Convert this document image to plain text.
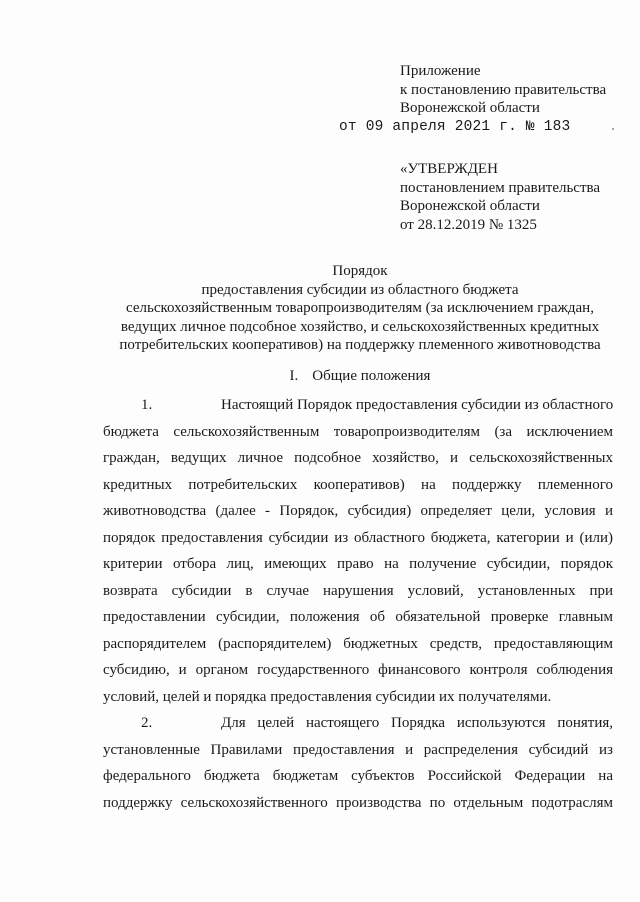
Приложение
к постановлению правительства
Воронежской области
от 09 апреля 2021 г. № 183
«УТВЕРЖДЕН
постановлением правительства
Воронежской области
от 28.12.2019 № 1325
Порядок
предоставления субсидии из областного бюджета
сельскохозяйственным товаропроизводителям (за исключением граждан,
ведущих личное подсобное хозяйство, и сельскохозяйственных кредитных
потребительских кооперативов) на поддержку племенного животноводства
I. Общие положения
1.	Настоящий Порядок предоставления субсидии из областного
бюджета сельскохозяйственным товаропроизводителям (за исключением
граждан, ведущих личное подсобное хозяйство, и сельскохозяйственных
кредитных потребительских кооперативов) на поддержку племенного
животноводства (далее - Порядок, субсидия) определяет цели, условия и
порядок предоставления субсидии из областного бюджета, категории и (или)
критерии отбора лиц, имеющих право на получение субсидии, порядок
возврата субсидии в случае нарушения условий, установленных при
предоставлении субсидии, положения об обязательной проверке главным
распорядителем (распорядителем) бюджетных средств, предоставляющим
субсидию, и органом государственного финансового контроля соблюдения
условий, целей и порядка предоставления субсидии их получателями.
2.	Для целей настоящего Порядка используются понятия,
установленные Правилами предоставления и распределения субсидий из
федерального бюджета бюджетам субъектов Российской Федерации на
поддержку сельскохозяйственного производства по отдельным подотраслям
